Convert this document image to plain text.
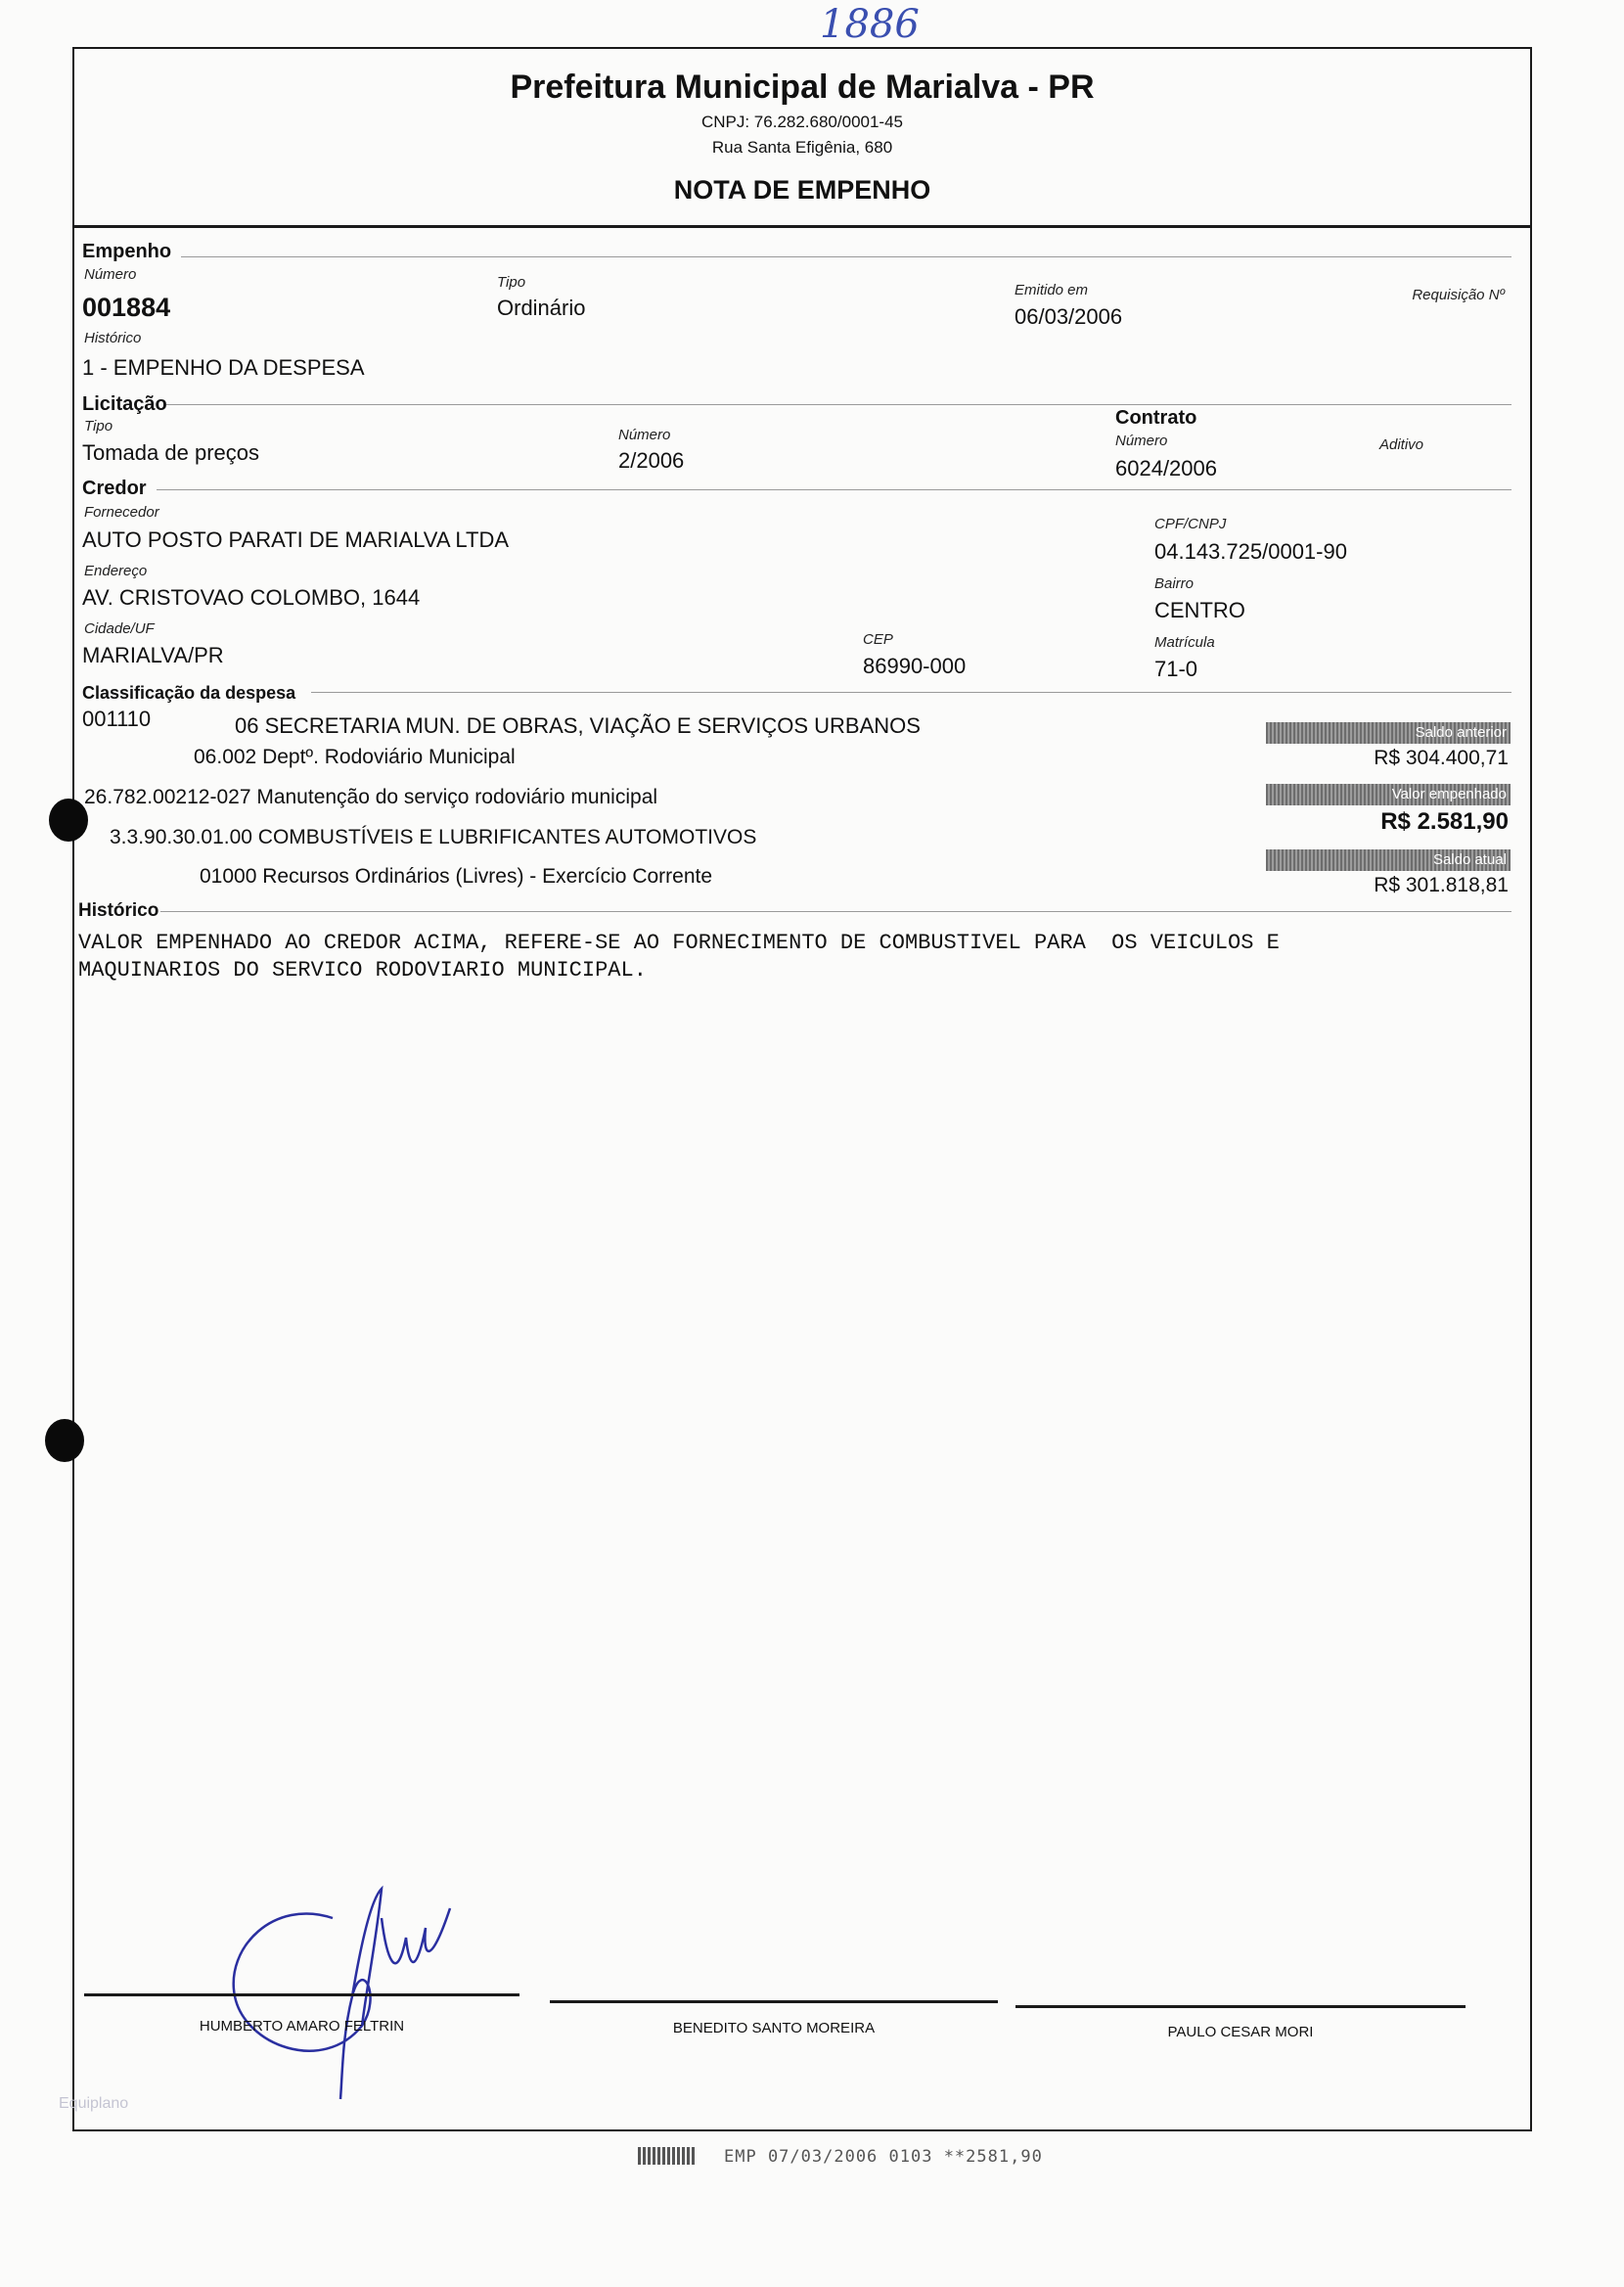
1886
Prefeitura Municipal de Marialva - PR
CNPJ: 76.282.680/0001-45
Rua Santa Efigênia, 680
NOTA DE EMPENHO
Empenho
Número
001884
Tipo
Ordinário
Emitido em
06/03/2006
Requisição Nº
Histórico
1 - EMPENHO DA DESPESA
Licitação
Tipo
Tomada de preços
Número
2/2006
Contrato
Número
6024/2006
Aditivo
Credor
Fornecedor
AUTO POSTO PARATI DE MARIALVA LTDA
CPF/CNPJ
04.143.725/0001-90
Endereço
AV. CRISTOVAO COLOMBO, 1644
Bairro
CENTRO
Cidade/UF
MARIALVA/PR
CEP
86990-000
Matrícula
71-0
Classificação da despesa
001110	06 SECRETARIA MUN. DE OBRAS, VIAÇÃO E SERVIÇOS URBANOS
06.002 Deptº. Rodoviário Municipal
26.782.00212-027 Manutenção do serviço rodoviário municipal
3.3.90.30.01.00 COMBUSTÍVEIS E LUBRIFICANTES AUTOMOTIVOS
01000 Recursos Ordinários (Livres) - Exercício Corrente
Saldo anterior
R$ 304.400,71
Valor empenhado
R$ 2.581,90
Saldo atual
R$ 301.818,81
Histórico
VALOR EMPENHADO AO CREDOR ACIMA, REFERE-SE AO FORNECIMENTO DE COMBUSTIVEL PARA  OS VEICULOS E
MAQUINARIOS DO SERVICO RODOVIARIO MUNICIPAL.
HUMBERTO AMARO FELTRIN	BENEDITO SANTO MOREIRA	PAULO CESAR MORI
Equiplano
EMP 07/03/2006 0103 **2581,90
